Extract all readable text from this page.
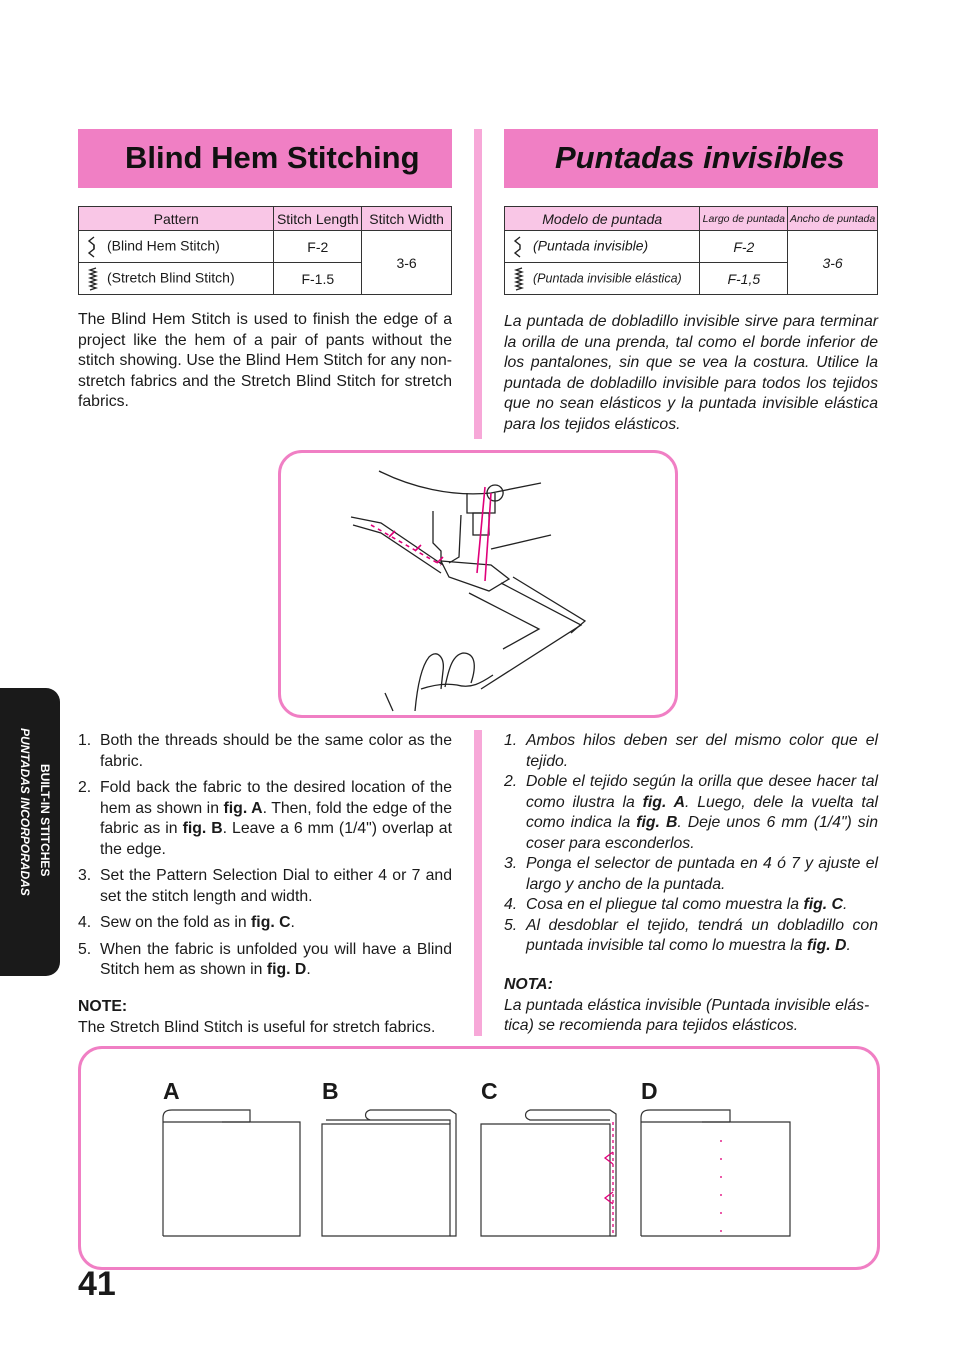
Blind Hem Stitching	Puntadas invisibles
Pattern	Stitch Length	Stitch Width
(Blind Hem Stitch)	F-2	3-6
(Stretch Blind Stitch)	F-1.5	
Modelo de puntada	Largo de puntada	Ancho de puntada
(Puntada invisible)	F-2	3-6
(Puntada invisible elástica)	F-1,5	

The Blind Hem Stitch is used to finish the edge of a project like the hem of a pair of pants without the stitch showing. Use the Blind Hem Stitch for any non-stretch fabrics and the Stretch Blind Stitch for stretch fabrics.

La puntada de dobladillo invisible sirve para terminar la orilla de una prenda, tal como el borde inferior de los pantalones, sin que se vea la costura. Utilice la puntada de dobladillo invisible para todos los tejidos que no sean elásticos y la puntada invisible elástica para los tejidos elásticos.

1. Both the threads should be the same color as the fabric.
2. Fold back the fabric to the desired location of the hem as shown in fig. A. Then, fold the edge of the fabric as in fig. B. Leave a 6 mm (1/4") overlap at the edge.
3. Set the Pattern Selection Dial to either 4 or 7 and set the stitch length and width.
4. Sew on the fold as in fig. C.
5. When the fabric is unfolded you will have a Blind Stitch hem as shown in fig. D.
NOTE:
The Stretch Blind Stitch is useful for stretch fabrics.
1. Ambos hilos deben ser del mismo color que el tejido.
2. Doble el tejido según la orilla que desee hacer tal como ilustra la fig. A. Luego, dele la vuelta tal como indica la fig. B. Deje unos 6 mm (1/4") sin coser para esconderlos.
3. Ponga el selector de puntada en 4 ó 7 y ajuste el largo y ancho de la puntada.
4. Cosa en el pliegue tal como muestra la fig. C.
5. Al desdoblar el tejido, tendrá un dobladillo con puntada invisible tal como lo muestra la fig. D.
NOTA:
La puntada elástica invisible (Puntada invisible elás-tica) se recomienda para tejidos elásticos.
BUILT-IN STITCHES
PUNTADAS INCORPORADAS
A	B	C	D
41
